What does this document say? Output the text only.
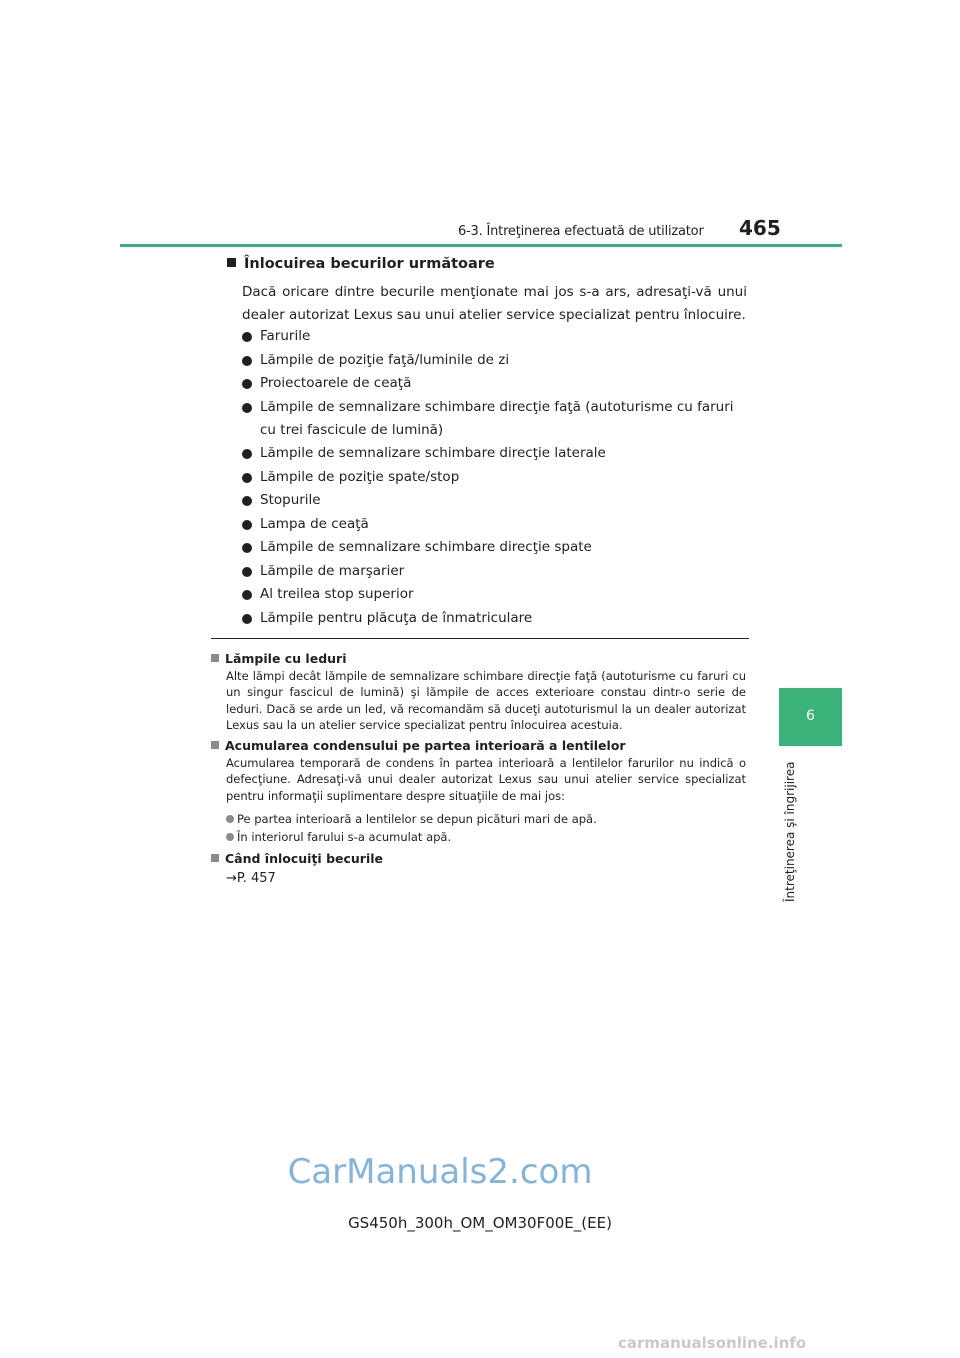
6-3. Întreţinerea efectuată de utilizator 465
6
Întreţinerea şi îngrijirea
Înlocuirea becurilor următoare
Dacă oricare dintre becurile menţionate mai jos s-a ars, adresaţi-vă unui dealer autorizat Lexus sau unui atelier service specializat pentru înlocuire.
Farurile
Lămpile de poziţie faţă/luminile de zi
Proiectoarele de ceaţă
Lămpile de semnalizare schimbare direcţie faţă (autoturisme cu faruri cu trei fascicule de lumină)
Lămpile de semnalizare schimbare direcţie laterale
Lămpile de poziţie spate/stop
Stopurile
Lampa de ceaţă
Lămpile de semnalizare schimbare direcţie spate
Lămpile de marşarier
Al treilea stop superior
Lămpile pentru plăcuţa de înmatriculare
Lămpile cu leduri

Alte lămpi decât lămpile de semnalizare schimbare direcţie faţă (autoturisme cu faruri cu un singur fascicul de lumină) şi lămpile de acces exterioare constau dintr-o serie de leduri. Dacă se arde un led, vă recomandăm să duceţi autoturismul la un dealer autorizat Lexus sau la un atelier service specializat pentru înlocuirea acestuia.

Acumularea condensului pe partea interioară a lentilelor

Acumularea temporară de condens în partea interioară a lentilelor farurilor nu indică o defecţiune. Adresaţi-vă unui dealer autorizat Lexus sau unui atelier service specializat pentru informaţii suplimentare despre situaţiile de mai jos:

Pe partea interioară a lentilelor se depun picături mari de apă.
În interiorul farului s-a acumulat apă.
Când înlocuiţi becurile

→P. 457

CarManuals2.com
GS450h_300h_OM_OM30F00E_(EE)
carmanualsonline.info
